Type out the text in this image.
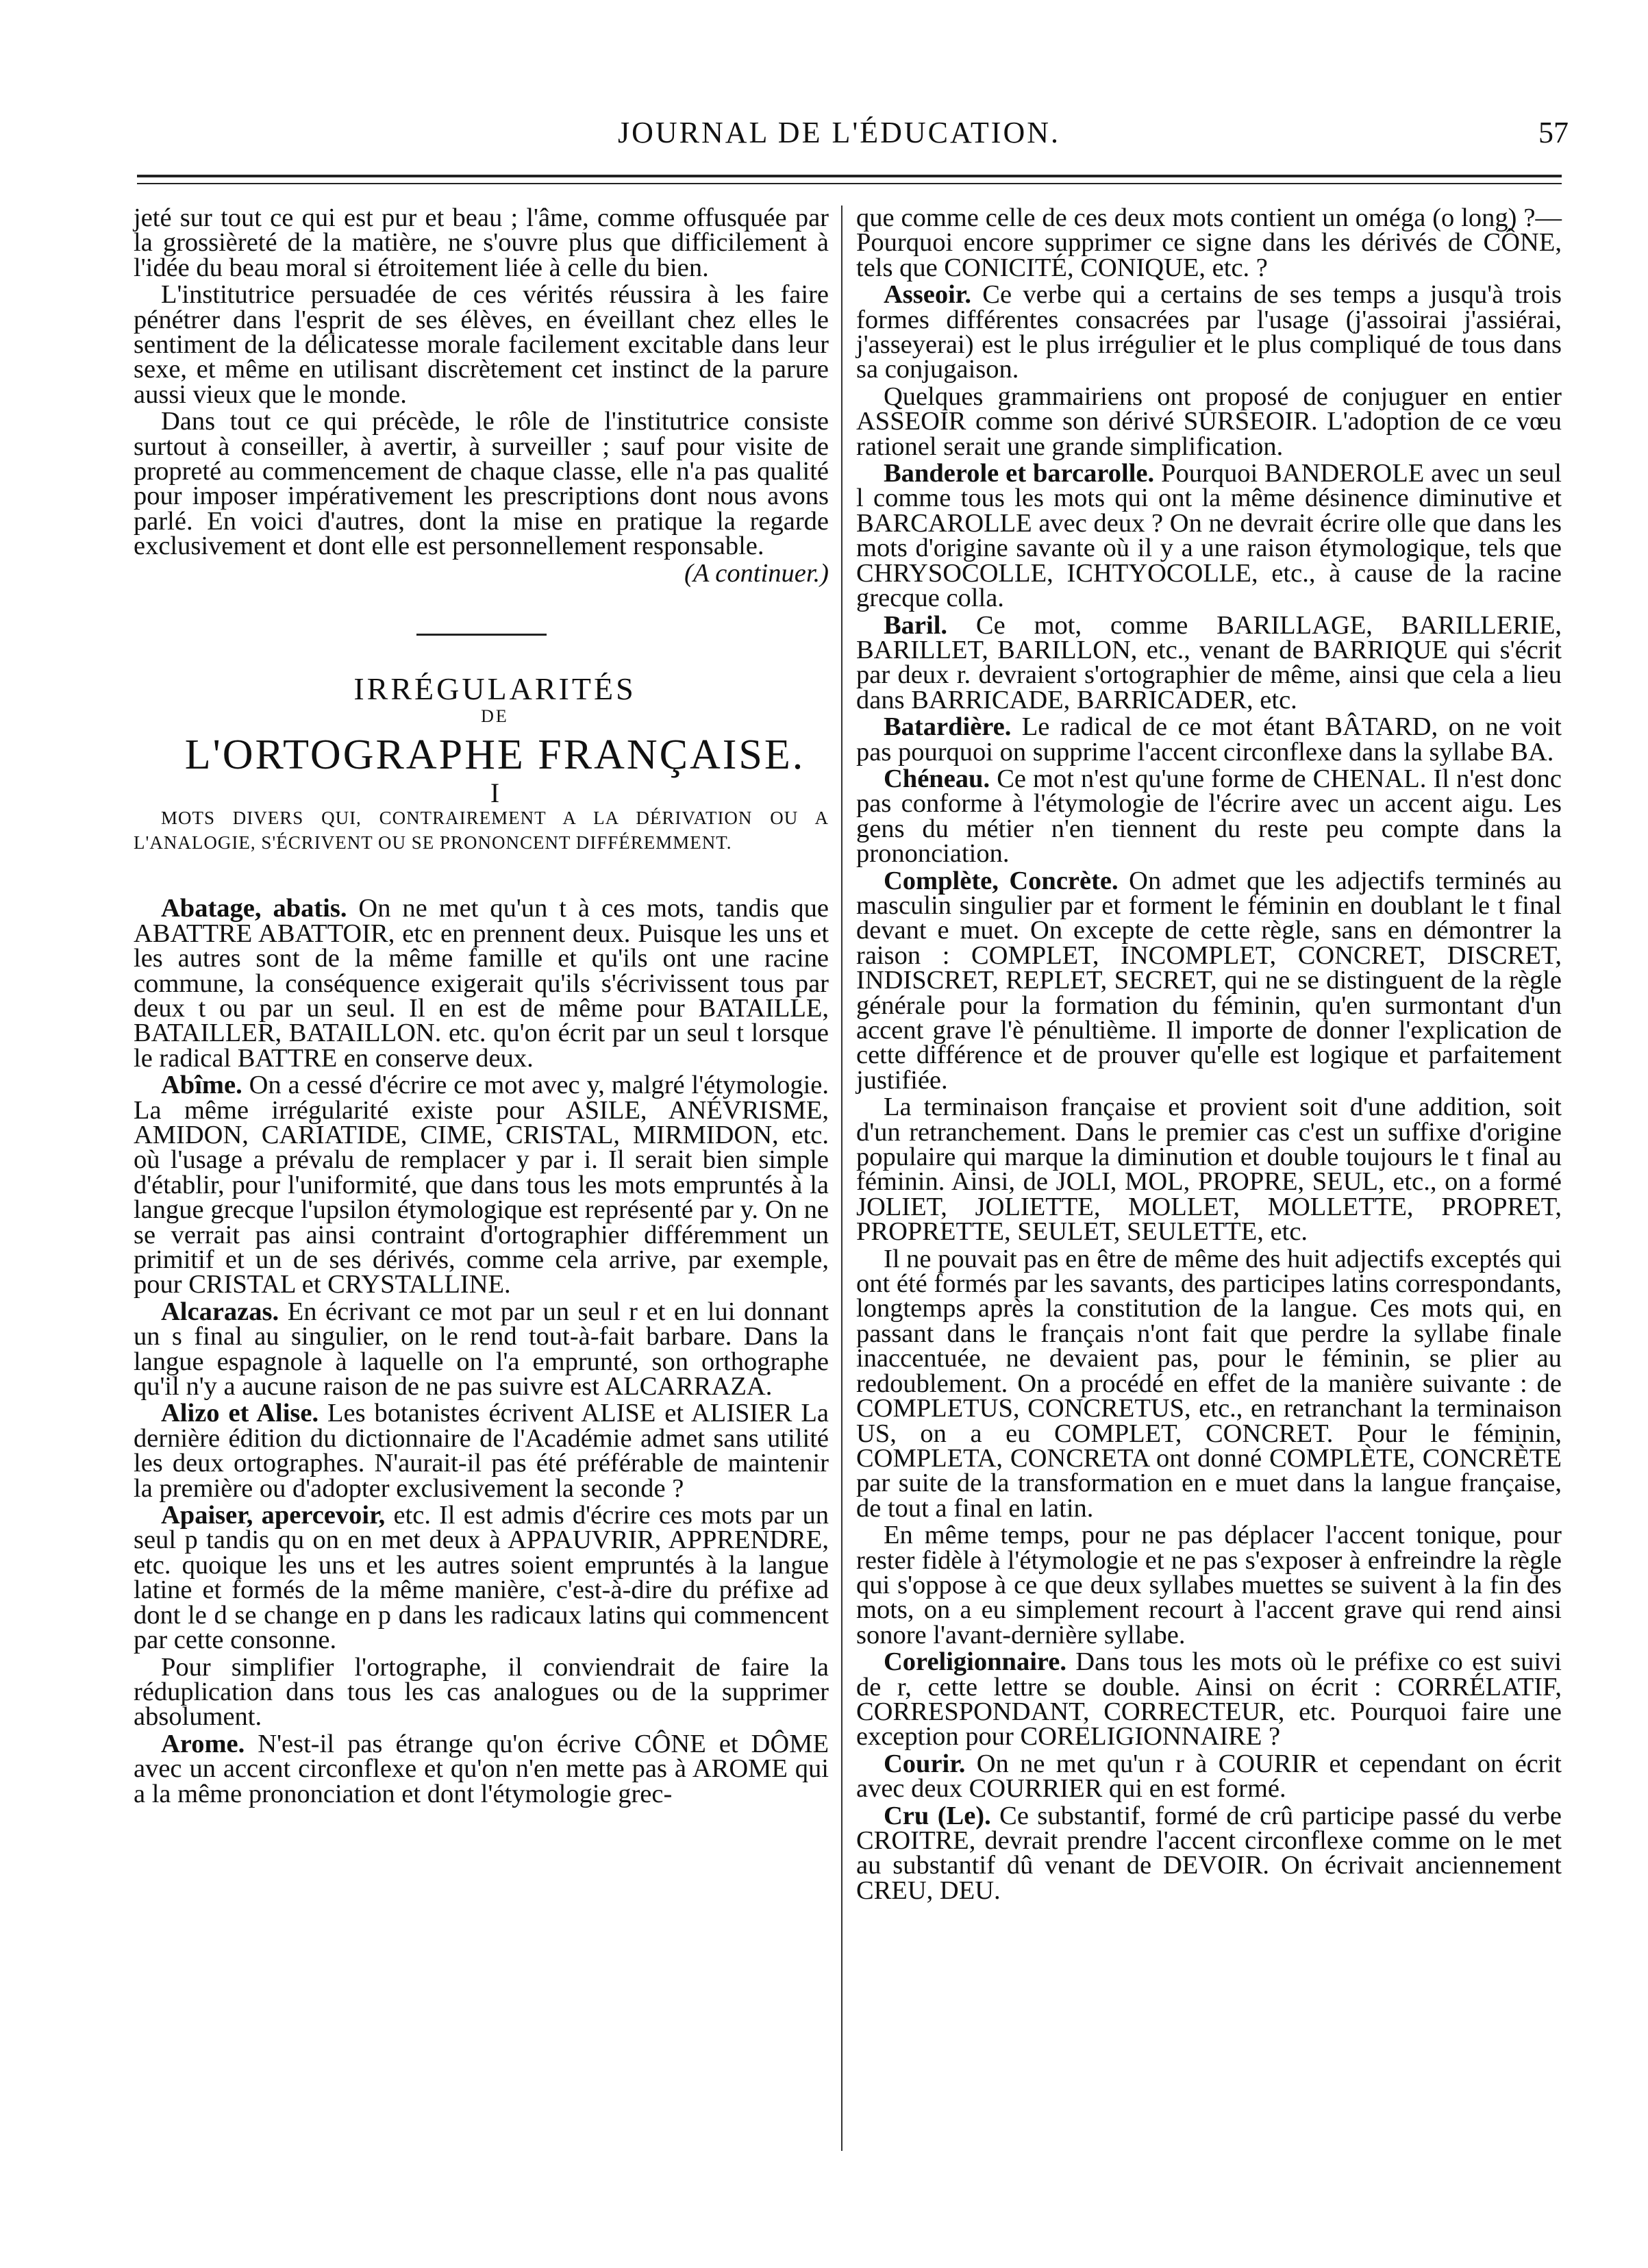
JOURNAL DE L'ÉDUCATION.	57

jeté sur tout ce qui est pur et beau ; l'âme, comme offusquée par la grossièreté de la matière, ne s'ouvre plus que difficilement à l'idée du beau moral si étroitement liée à celle du bien.

L'institutrice persuadée de ces vérités réussira à les faire pénétrer dans l'esprit de ses élèves, en éveillant chez elles le sentiment de la délicatesse morale facilement excitable dans leur sexe, et même en utilisant discrètement cet instinct de la parure aussi vieux que le monde.

Dans tout ce qui précède, le rôle de l'institutrice consiste surtout à conseiller, à avertir, à surveiller ; sauf pour visite de propreté au commencement de chaque classe, elle n'a pas qualité pour imposer impérativement les prescriptions dont nous avons parlé. En voici d'autres, dont la mise en pratique la regarde exclusivement et dont elle est personnellement responsable.

(A continuer.)

IRRÉGULARITÉS

DE

L'ORTOGRAPHE FRANÇAISE.

I

MOTS DIVERS QUI, CONTRAIREMENT A LA DÉRIVATION OU A L'ANALOGIE, S'ÉCRIVENT OU SE PRONONCENT DIFFÉREMMENT.

Abatage, abatis. On ne met qu'un t à ces mots, tandis que ABATTRE ABATTOIR, etc en prennent deux. Puisque les uns et les autres sont de la même famille et qu'ils ont une racine commune, la conséquence exigerait qu'ils s'écrivissent tous par deux t ou par un seul. Il en est de même pour BATAILLE, BATAILLER, BATAILLON. etc. qu'on écrit par un seul t lorsque le radical BATTRE en conserve deux.

Abîme. On a cessé d'écrire ce mot avec y, malgré l'étymologie. La même irrégularité existe pour ASILE, ANÉVRISME, AMIDON, CARIATIDE, CIME, CRISTAL, MIRMIDON, etc. où l'usage a prévalu de remplacer y par i. Il serait bien simple d'établir, pour l'uniformité, que dans tous les mots empruntés à la langue grecque l'upsilon étymologique est représenté par y. On ne se verrait pas ainsi contraint d'ortographier différemment un primitif et un de ses dérivés, comme cela arrive, par exemple, pour CRISTAL et CRYSTALLINE.

Alcarazas. En écrivant ce mot par un seul r et en lui donnant un s final au singulier, on le rend tout-à-fait barbare. Dans la langue espagnole à laquelle on l'a emprunté, son orthographe qu'il n'y a aucune raison de ne pas suivre est ALCARRAZA.

Alizo et Alise. Les botanistes écrivent ALISE et ALISIER La dernière édition du dictionnaire de l'Académie admet sans utilité les deux ortographes. N'aurait-il pas été préférable de maintenir la première ou d'adopter exclusivement la seconde ?

Apaiser, apercevoir, etc. Il est admis d'écrire ces mots par un seul p tandis qu on en met deux à APPAUVRIR, APPRENDRE, etc. quoique les uns et les autres soient empruntés à la langue latine et formés de la même manière, c'est-à-dire du préfixe ad dont le d se change en p dans les radicaux latins qui commencent par cette consonne.

Pour simplifier l'ortographe, il conviendrait de faire la réduplication dans tous les cas analogues ou de la supprimer absolument.

Arome. N'est-il pas étrange qu'on écrive CÔNE et DÔME avec un accent circonflexe et qu'on n'en mette pas à AROME qui a la même prononciation et dont l'étymologie grec-

que comme celle de ces deux mots contient un oméga (o long) ?—Pourquoi encore supprimer ce signe dans les dérivés de CÔNE, tels que CONICITÉ, CONIQUE, etc. ?

Asseoir. Ce verbe qui a certains de ses temps a jusqu'à trois formes différentes consacrées par l'usage (j'assoirai j'assiérai, j'asseyerai) est le plus irrégulier et le plus compliqué de tous dans sa conjugaison.

Quelques grammairiens ont proposé de conjuguer en entier ASSEOIR comme son dérivé SURSEOIR. L'adoption de ce vœu rationel serait une grande simplification.

Banderole et barcarolle. Pourquoi BANDEROLE avec un seul l comme tous les mots qui ont la même désinence diminutive et BARCAROLLE avec deux ? On ne devrait écrire olle que dans les mots d'origine savante où il y a une raison étymologique, tels que CHRYSOCOLLE, ICHTYOCOLLE, etc., à cause de la racine grecque colla.

Baril. Ce mot, comme BARILLAGE, BARILLERIE, BARILLET, BARILLON, etc., venant de BARRIQUE qui s'écrit par deux r. devraient s'ortographier de même, ainsi que cela a lieu dans BARRICADE, BARRICADER, etc.

Batardière. Le radical de ce mot étant BÂTARD, on ne voit pas pourquoi on supprime l'accent circonflexe dans la syllabe BA.

Chéneau. Ce mot n'est qu'une forme de CHENAL. Il n'est donc pas conforme à l'étymologie de l'écrire avec un accent aigu. Les gens du métier n'en tiennent du reste peu compte dans la prononciation.

Complète, Concrète. On admet que les adjectifs terminés au masculin singulier par et forment le féminin en doublant le t final devant e muet. On excepte de cette règle, sans en démontrer la raison : COMPLET, INCOMPLET, CONCRET, DISCRET, INDISCRET, REPLET, SECRET, qui ne se distinguent de la règle générale pour la formation du féminin, qu'en surmontant d'un accent grave l'è pénultième. Il importe de donner l'explication de cette différence et de prouver qu'elle est logique et parfaitement justifiée.

La terminaison française et provient soit d'une addition, soit d'un retranchement. Dans le premier cas c'est un suffixe d'origine populaire qui marque la diminution et double toujours le t final au féminin. Ainsi, de JOLI, MOL, PROPRE, SEUL, etc., on a formé JOLIET, JOLIETTE, MOLLET, MOLLETTE, PROPRET, PROPRETTE, SEULET, SEULETTE, etc.

Il ne pouvait pas en être de même des huit adjectifs exceptés qui ont été formés par les savants, des participes latins correspondants, longtemps après la constitution de la langue. Ces mots qui, en passant dans le français n'ont fait que perdre la syllabe finale inaccentuée, ne devaient pas, pour le féminin, se plier au redoublement. On a procédé en effet de la manière suivante : de COMPLETUS, CONCRETUS, etc., en retranchant la terminaison US, on a eu COMPLET, CONCRET. Pour le féminin, COMPLETA, CONCRETA ont donné COMPLÈTE, CONCRÈTE par suite de la transformation en e muet dans la langue française, de tout a final en latin.

En même temps, pour ne pas déplacer l'accent tonique, pour rester fidèle à l'étymologie et ne pas s'exposer à enfreindre la règle qui s'oppose à ce que deux syllabes muettes se suivent à la fin des mots, on a eu simplement recourt à l'accent grave qui rend ainsi sonore l'avant-dernière syllabe.

Coreligionnaire. Dans tous les mots où le préfixe co est suivi de r, cette lettre se double. Ainsi on écrit : CORRÉLATIF, CORRESPONDANT, CORRECTEUR, etc. Pourquoi faire une exception pour CORELIGIONNAIRE ?

Courir. On ne met qu'un r à COURIR et cependant on écrit avec deux COURRIER qui en est formé.

Cru (Le). Ce substantif, formé de crû participe passé du verbe CROITRE, devrait prendre l'accent circonflexe comme on le met au substantif dû venant de DEVOIR. On écrivait anciennement CREU, DEU.
